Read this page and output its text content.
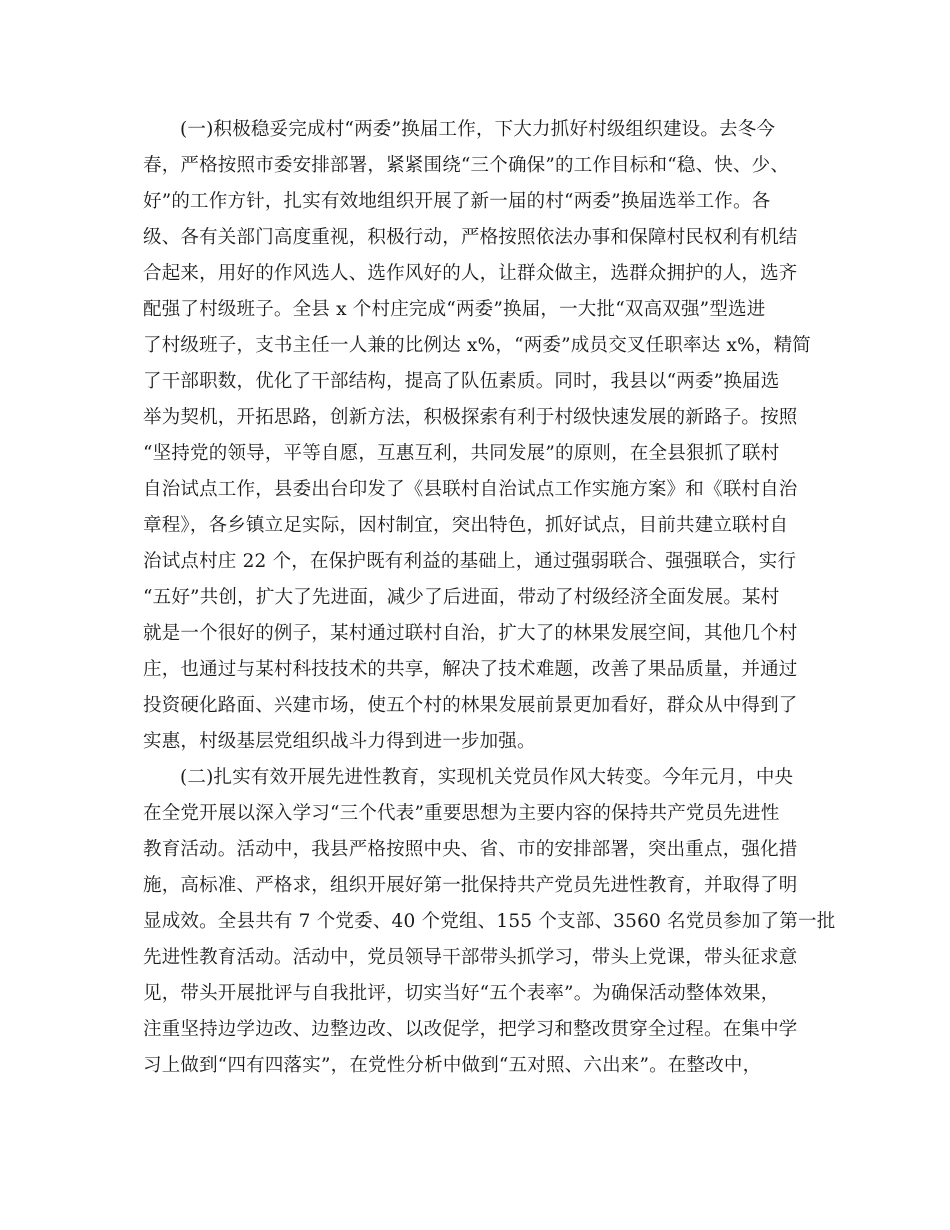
(一)积极稳妥完成村“两委”换届工作，下大力抓好村级组织建设。去冬今
春，严格按照市委安排部署，紧紧围绕“三个确保”的工作目标和“稳、快、少、
好”的工作方针，扎实有效地组织开展了新一届的村“两委”换届选举工作。各
级、各有关部门高度重视，积极行动，严格按照依法办事和保障村民权利有机结
合起来，用好的作风选人、选作风好的人，让群众做主，选群众拥护的人，选齐
配强了村级班子。全县 x 个村庄完成“两委”换届，一大批“双高双强”型选进
了村级班子，支书主任一人兼的比例达 x%，“两委”成员交叉任职率达 x%，精简
了干部职数，优化了干部结构，提高了队伍素质。同时，我县以“两委”换届选
举为契机，开拓思路，创新方法，积极探索有利于村级快速发展的新路子。按照
“坚持党的领导，平等自愿，互惠互利，共同发展”的原则，在全县狠抓了联村
自治试点工作，县委出台印发了《县联村自治试点工作实施方案》和《联村自治
章程》，各乡镇立足实际，因村制宜，突出特色，抓好试点，目前共建立联村自
治试点村庄 22 个，在保护既有利益的基础上，通过强弱联合、强强联合，实行
“五好”共创，扩大了先进面，减少了后进面，带动了村级经济全面发展。某村
就是一个很好的例子，某村通过联村自治，扩大了的林果发展空间，其他几个村
庄，也通过与某村科技技术的共享，解决了技术难题，改善了果品质量，并通过
投资硬化路面、兴建市场，使五个村的林果发展前景更加看好，群众从中得到了
实惠，村级基层党组织战斗力得到进一步加强。
(二)扎实有效开展先进性教育，实现机关党员作风大转变。今年元月，中央
在全党开展以深入学习“三个代表”重要思想为主要内容的保持共产党员先进性
教育活动。活动中，我县严格按照中央、省、市的安排部署，突出重点，强化措
施，高标准、严格求，组织开展好第一批保持共产党员先进性教育，并取得了明
显成效。全县共有 7 个党委、40 个党组、155 个支部、3560 名党员参加了第一批
先进性教育活动。活动中，党员领导干部带头抓学习，带头上党课，带头征求意
见，带头开展批评与自我批评，切实当好“五个表率”。为确保活动整体效果，
注重坚持边学边改、边整边改、以改促学，把学习和整改贯穿全过程。在集中学
习上做到“四有四落实”，在党性分析中做到“五对照、六出来”。在整改中，
